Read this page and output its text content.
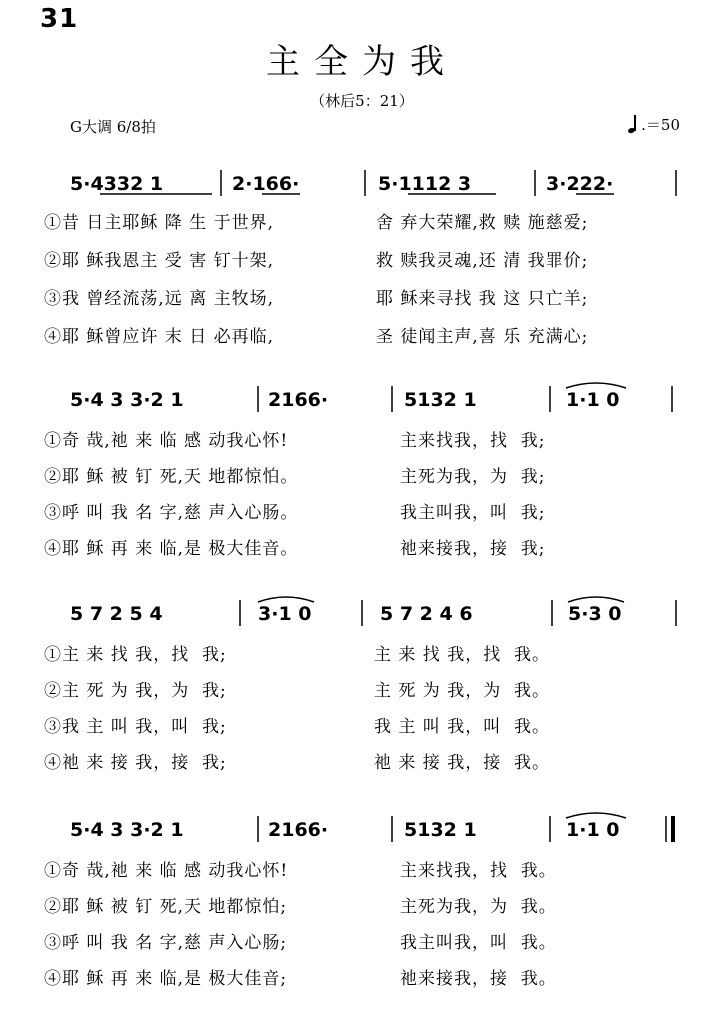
31
主全为我
（林后5：21）
G大调 6/8拍	.＝50
5·4332 1	2·166·	5·1112 3	3·222·
①昔 日主耶稣 降 生 于世界,	舍 弃大荣耀,救 赎 施慈爱;
②耶 稣我恩主 受 害 钉十架,	救 赎我灵魂,还 清 我罪价;
③我 曾经流荡,远 离 主牧场,	耶 稣来寻找 我 这 只亡羊;
④耶 稣曾应许 末 日 必再临,	圣 徒闻主声,喜 乐 充满心;
5·4 3 3·2 1	2166·	5132 1	1·1 0
①奇 哉,祂 来 临 感 动我心怀!	主来找我，找  我;
②耶 稣 被 钉 死,天 地都惊怕。	主死为我，为  我;
③呼 叫 我 名 字,慈 声入心肠。	我主叫我，叫  我;
④耶 稣 再 来 临,是 极大佳音。	祂来接我，接  我;
5 7 2 5 4	3·1 0	5 7 2 4 6	5·3 0
①主 来 找 我，找  我;	主 来 找 我，找  我。
②主 死 为 我，为  我;	主 死 为 我，为  我。
③我 主 叫 我，叫  我;	我 主 叫 我，叫  我。
④祂 来 接 我，接  我;	祂 来 接 我，接  我。
5·4 3 3·2 1	2166·	5132 1	1·1 0
①奇 哉,祂 来 临 感 动我心怀!	主来找我，找  我。
②耶 稣 被 钉 死,天 地都惊怕;	主死为我，为  我。
③呼 叫 我 名 字,慈 声入心肠;	我主叫我，叫  我。
④耶 稣 再 来 临,是 极大佳音;	祂来接我，接  我。
